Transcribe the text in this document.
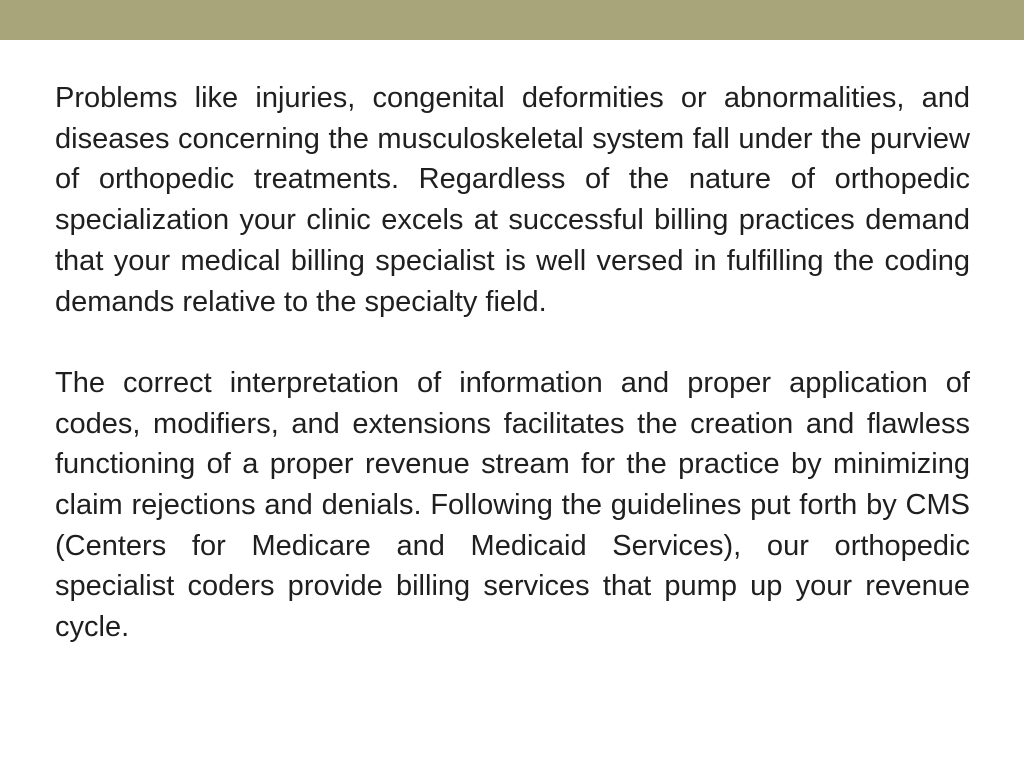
Problems like injuries, congenital deformities or abnormalities, and diseases concerning the musculoskeletal system fall under the purview of orthopedic treatments. Regardless of the nature of orthopedic specialization your clinic excels at successful billing practices demand that your medical billing specialist is well versed in fulfilling the coding demands relative to the specialty field.

The correct interpretation of information and proper application of codes, modifiers, and extensions facilitates the creation and flawless functioning of a proper revenue stream for the practice by minimizing claim rejections and denials. Following the guidelines put forth by CMS (Centers for Medicare and Medicaid Services), our orthopedic specialist coders provide billing services that pump up your revenue cycle.
